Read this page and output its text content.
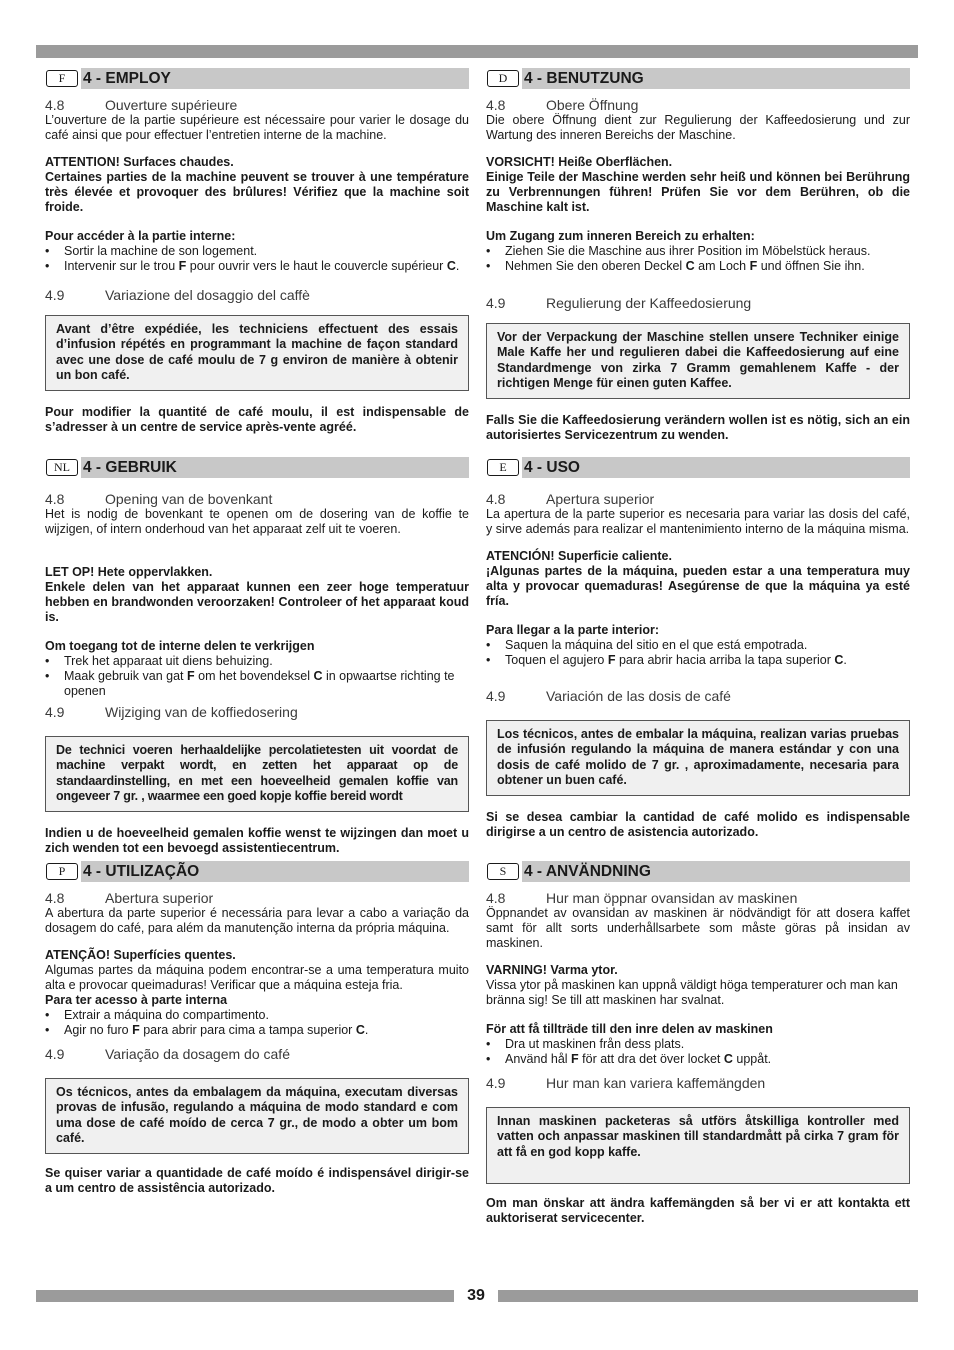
F	4 - EMPLOY
4.8	Ouverture supérieure

L’ouverture de la partie supérieure est nécessaire pour varier le dosage du café ainsi que pour effectuer l’entretien interne de la machine.

ATTENTION! Surfaces chaudes.

Certaines parties de la machine peuvent se trouver à une température très élevée et provoquer des brûlures! Vérifiez que la machine soit froide.

Pour accéder à la partie interne:

• Sortir la machine de son logement.
• Intervenir sur le trou F pour ouvrir vers le haut le couvercle supérieur C.
4.9	Variazione del dosaggio del caffè
Avant d’être expédiée, les techniciens effectuent des essais d’infusion répétés en programmant la machine de façon standard avec une dose de café moulu de 7 g environ de manière à obtenir un bon café.

Pour modifier la quantité de café moulu, il est indispensable de s’adresser à un centre de service après-vente agréé.

D	4 - BENUTZUNG
4.8	Obere Öffnung

Die obere Öffnung dient zur Regulierung der Kaffeedosierung und zur Wartung des inneren Bereichs der Maschine.

VORSICHT! Heiße Oberflächen.

Einige Teile der Maschine werden sehr heiß und können bei Berührung zu Verbrennungen führen! Prüfen Sie vor dem Berühren, ob die Maschine kalt ist.

Um Zugang zum inneren Bereich zu erhalten:

• Ziehen Sie die Maschine aus ihrer Position im Möbelstück heraus.
• Nehmen Sie den oberen Deckel C am Loch F und öffnen Sie ihn.
4.9	Regulierung der Kaffeedosierung
Vor der Verpackung der Maschine stellen unsere Techniker einige Male Kaffe her und regulieren dabei die Kaffeedosierung auf eine Standardmenge von zirka 7 Gramm gemahlenem Kaffe - der richtigen Menge für einen guten Kaffee.

Falls Sie die Kaffeedosierung verändern wollen ist es nötig, sich an ein autorisiertes Servicezentrum zu wenden.

NL 4 - GEBRUIK
4.8	Opening van de bovenkant

Het is nodig de bovenkant te openen om de dosering van de koffie te wijzigen, of intern onderhoud van het apparaat zelf uit te voeren.

LET OP! Hete oppervlakken.

Enkele delen van het apparaat kunnen een zeer hoge temperatuur hebben en brandwonden veroorzaken! Controleer of het apparaat koud is.

Om toegang tot de interne delen te verkrijgen

• Trek het apparaat uit diens behuizing.
• Maak gebruik van gat F om het bovendeksel C in opwaartse richting te openen
4.9	Wijziging van de koffiedosering
De technici voeren herhaaldelijke percolatietesten uit voordat de machine verpakt wordt, en zetten het apparaat op de standaardinstelling, en met een hoeveelheid gemalen koffie van ongeveer 7 gr. , waarmee een goed kopje koffie bereid wordt

Indien u de hoeveelheid gemalen koffie wenst te wijzingen dan moet u zich wenden tot een bevoegd assistentiecentrum.

E	4 - USO
4.8	Apertura superior

La apertura de la parte superior es necesaria para variar las dosis del café, y sirve además para realizar el mantenimiento interno de la máquina misma.

ATENCIÓN! Superficie caliente.

¡Algunas partes de la máquina, pueden estar a una temperatura muy alta y provocar quemaduras! Asegúrense de que la máquina ya esté fría.

Para llegar a la parte interior:

• Saquen la máquina del sitio en el que está empotrada.
• Toquen el agujero F para abrir hacia arriba la tapa superior C.
4.9	Variación de las dosis de café
Los técnicos, antes de embalar la máquina, realizan varias pruebas de infusión regulando la máquina de manera estándar y con una dosis de café molido de 7 gr. , aproximadamente, necesaria para obtener un buen café.

Si se desea cambiar la cantidad de café molido es indispensable dirigirse a un centro de asistencia autorizado.

P	4 - UTILIZAÇÃO
4.8	Abertura superior

A abertura da parte superior é necessária para levar a cabo a variação da dosagem do café, para além da manutenção interna da própria máquina.

ATENÇÃO! Superfícies quentes.

Algumas partes da máquina podem encontrar-se a uma temperatura muito alta e provocar queimaduras! Verificar que a máquina esteja fria.

Para ter acesso à parte interna

• Extrair a máquina do compartimento.
• Agir no furo F para abrir para cima a tampa superior C.
4.9	Variação da dosagem do café
Os técnicos, antes da embalagem da máquina, executam diversas provas de infusão, regulando a máquina de modo standard e com uma dose de café moído de cerca 7 gr., de modo a obter um bom café.

Se quiser variar a quantidade de café moído é indispensável dirigir-se a um centro de assistência autorizado.

S	4 - ANVÄNDNING
4.8	Hur man öppnar ovansidan av maskinen

Öppnandet av ovansidan av maskinen är nödvändigt för att dosera kaffet samt för allt sorts underhållsarbete som måste göras på insidan av maskinen.

VARNING! Varma ytor.

Vissa ytor på maskinen kan uppnå väldigt höga temperaturer och man kan bränna sig! Se till att maskinen har svalnat.

För att få tillträde till den inre delen av maskinen

• Dra ut maskinen från dess plats.
• Använd hål F för att dra det över locket C uppåt.
4.9	Hur man kan variera kaffemängden
Innan maskinen packeteras så utförs åtskilliga kontroller med vatten och anpassar maskinen till standardmått på cirka 7 gram för att få en god kopp kaffe.

Om man önskar att ändra kaffemängden så ber vi er att kontakta ett auktoriserat servicecenter.

39
